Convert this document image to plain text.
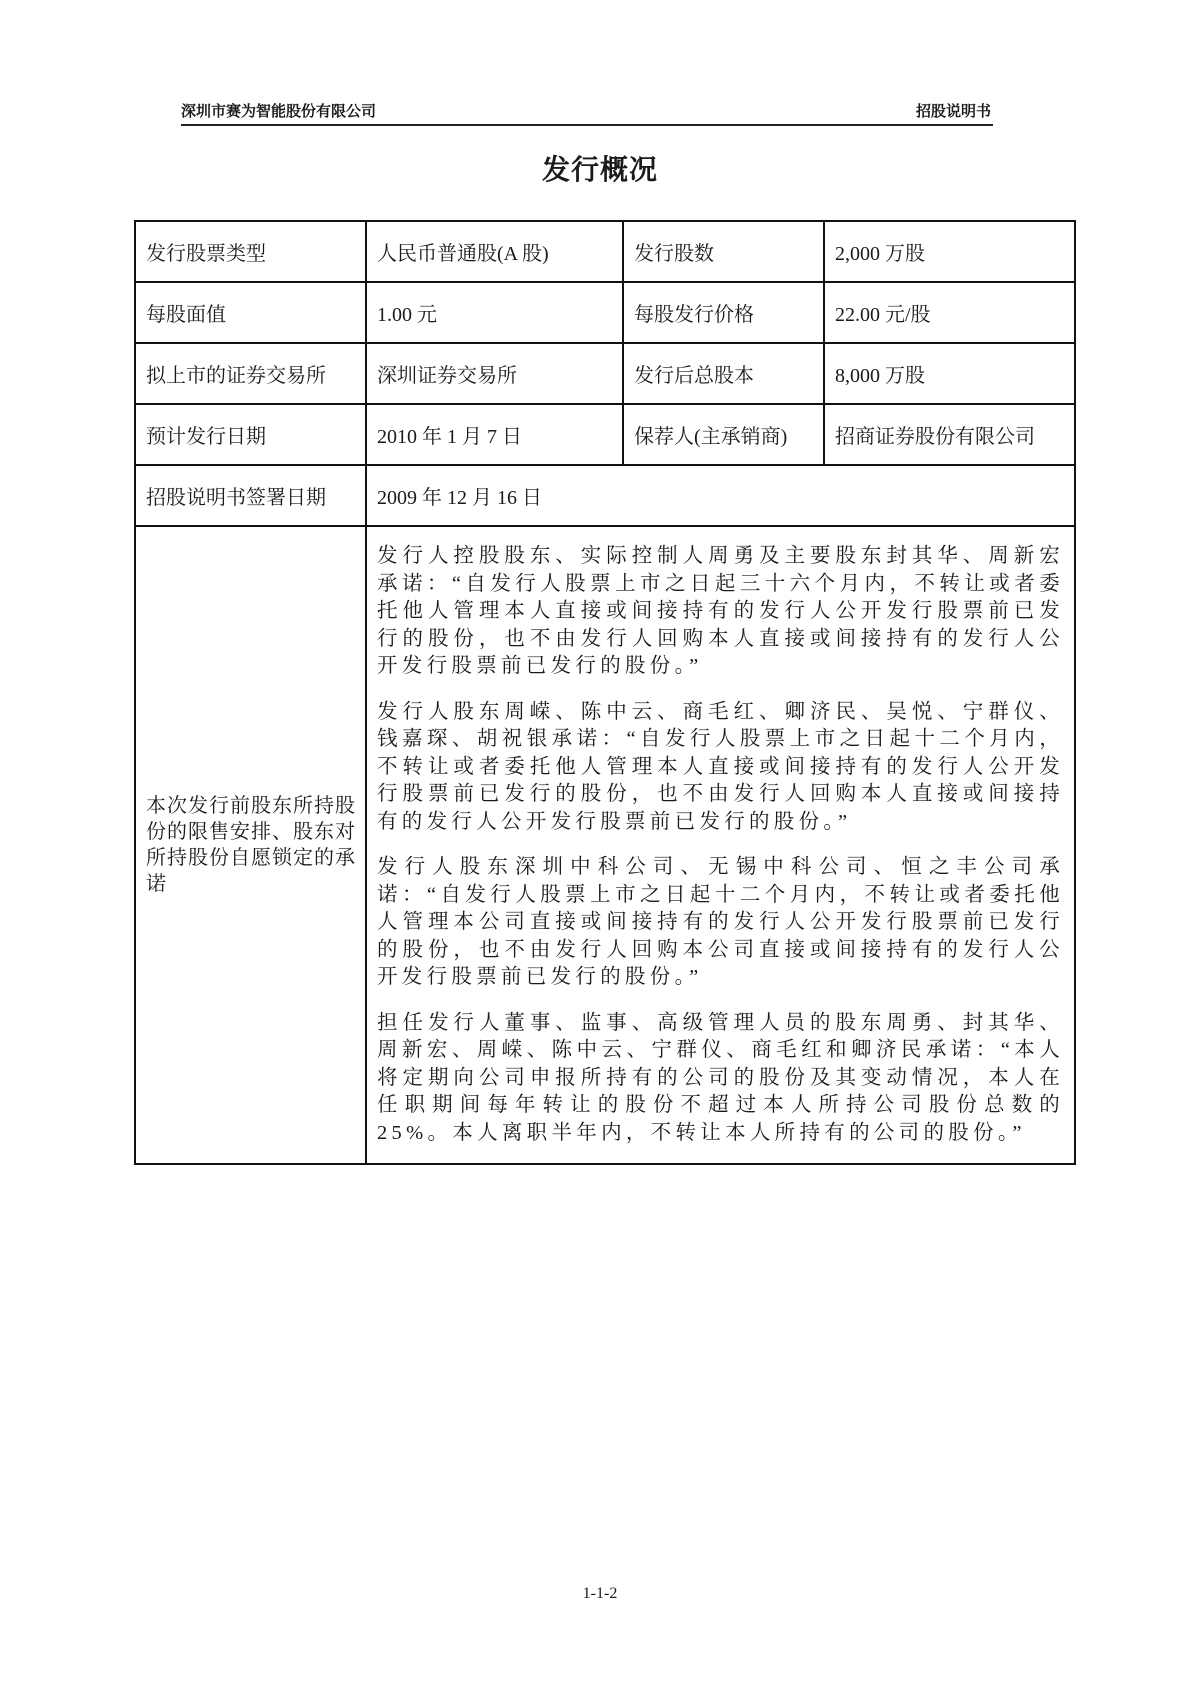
深圳市赛为智能股份有限公司	招股说明书
发行概况
发行股票类型	人民币普通股(A 股)	发行股数	2,000 万股
每股面值	1.00 元	每股发行价格	22.00 元/股
拟上市的证券交易所	深圳证券交易所	发行后总股本	8,000 万股
预计发行日期	2010 年 1 月 7 日	保荐人(主承销商)	招商证券股份有限公司
招股说明书签署日期	2009 年 12 月 16 日		
本次发行前股东所持股份的限售安排、股东对所持股份自愿锁定的承诺	发行人控股股东、实际控制人周勇及主要股东封其华、周新宏承诺：“自发行人股票上市之日起三十六个月内，不转让或者委托他人管理本人直接或间接持有的发行人公开发行股票前已发行的股份，也不由发行人回购本人直接或间接持有的发行人公开发行股票前已发行的股份。”

发行人股东周嵘、陈中云、商毛红、卿济民、吴悦、宁群仪、钱嘉琛、胡祝银承诺：“自发行人股票上市之日起十二个月内，不转让或者委托他人管理本人直接或间接持有的发行人公开发行股票前已发行的股份，也不由发行人回购本人直接或间接持有的发行人公开发行股票前已发行的股份。”

发行人股东深圳中科公司、无锡中科公司、恒之丰公司承诺：“自发行人股票上市之日起十二个月内，不转让或者委托他人管理本公司直接或间接持有的发行人公开发行股票前已发行的股份，也不由发行人回购本公司直接或间接持有的发行人公开发行股票前已发行的股份。”

担任发行人董事、监事、高级管理人员的股东周勇、封其华、周新宏、周嵘、陈中云、宁群仪、商毛红和卿济民承诺：“本人将定期向公司申报所持有的公司的股份及其变动情况，本人在任职期间每年转让的股份不超过本人所持公司股份总数的 25%。本人离职半年内，不转让本人所持有的公司的股份。”		

1-1-2
